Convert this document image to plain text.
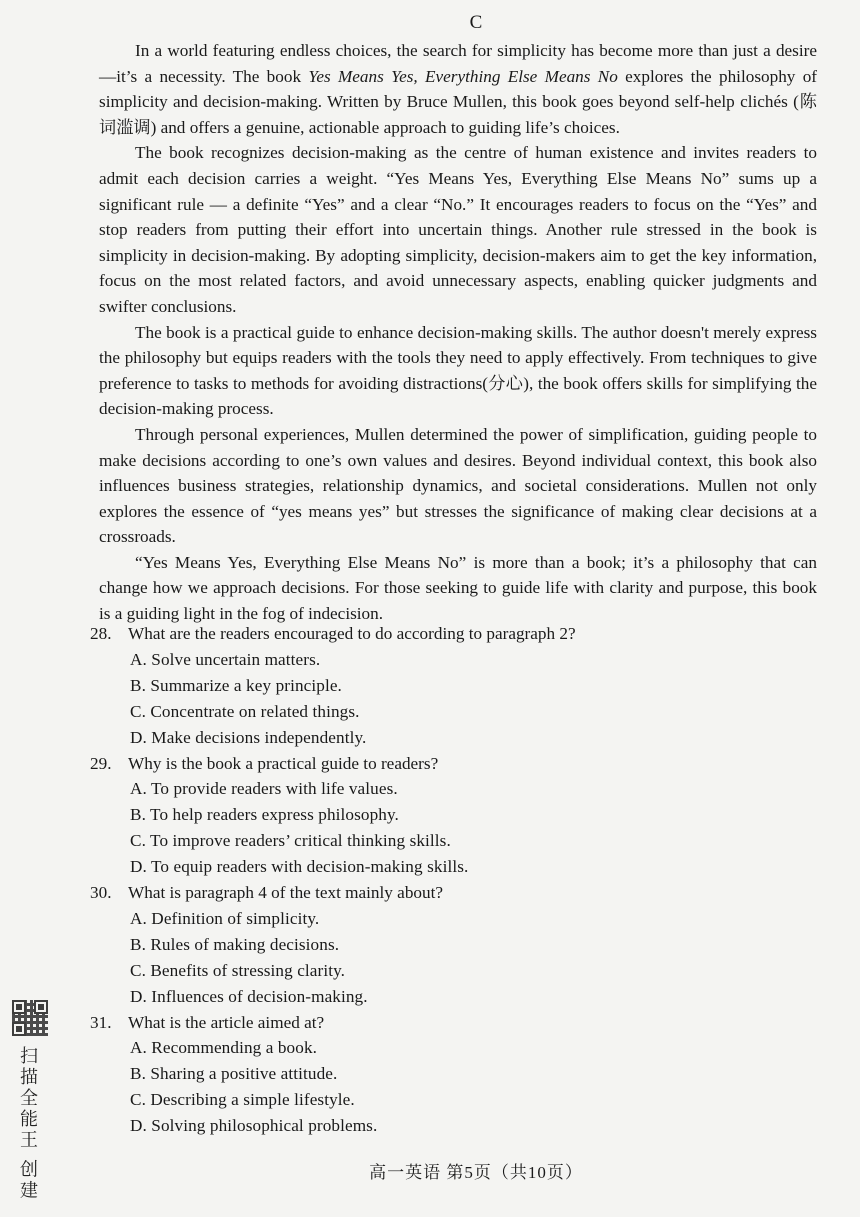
C

In a world featuring endless choices, the search for simplicity has become more than just a desire—it’s a necessity. The book Yes Means Yes, Everything Else Means No explores the philosophy of simplicity and decision-making. Written by Bruce Mullen, this book goes beyond self-help clichés (陈词滥调) and offers a genuine, actionable approach to guiding life’s choices.

The book recognizes decision-making as the centre of human existence and invites readers to admit each decision carries a weight. “Yes Means Yes, Everything Else Means No” sums up a significant rule — a definite “Yes” and a clear “No.” It encourages readers to focus on the “Yes” and stop readers from putting their effort into uncertain things. Another rule stressed in the book is simplicity in decision-making. By adopting simplicity, decision-makers aim to get the key information, focus on the most related factors, and avoid unnecessary aspects, enabling quicker judgments and swifter conclusions.

The book is a practical guide to enhance decision-making skills. The author doesn't merely express the philosophy but equips readers with the tools they need to apply effectively. From techniques to give preference to tasks to methods for avoiding distractions(分心), the book offers skills for simplifying the decision-making process.

Through personal experiences, Mullen determined the power of simplification, guiding people to make decisions according to one’s own values and desires. Beyond individual context, this book also influences business strategies, relationship dynamics, and societal considerations. Mullen not only explores the essence of “yes means yes” but stresses the significance of making clear decisions at a crossroads.

“Yes Means Yes, Everything Else Means No” is more than a book; it’s a philosophy that can change how we approach decisions. For those seeking to guide life with clarity and purpose, this book is a guiding light in the fog of indecision.

28. What are the readers encouraged to do according to paragraph 2?
A. Solve uncertain matters.
B. Summarize a key principle.
C. Concentrate on related things.
D. Make decisions independently.
29. Why is the book a practical guide to readers?
A. To provide readers with life values.
B. To help readers express philosophy.
C. To improve readers’ critical thinking skills.
D. To equip readers with decision-making skills.
30. What is paragraph 4 of the text mainly about?
A. Definition of simplicity.
B. Rules of making decisions.
C. Benefits of stressing clarity.
D. Influences of decision-making.
31. What is the article aimed at?
A. Recommending a book.
B. Sharing a positive attitude.
C. Describing a simple lifestyle.
D. Solving philosophical problems.
高一英语 第5页（共10页）
扫描全能王 创建
